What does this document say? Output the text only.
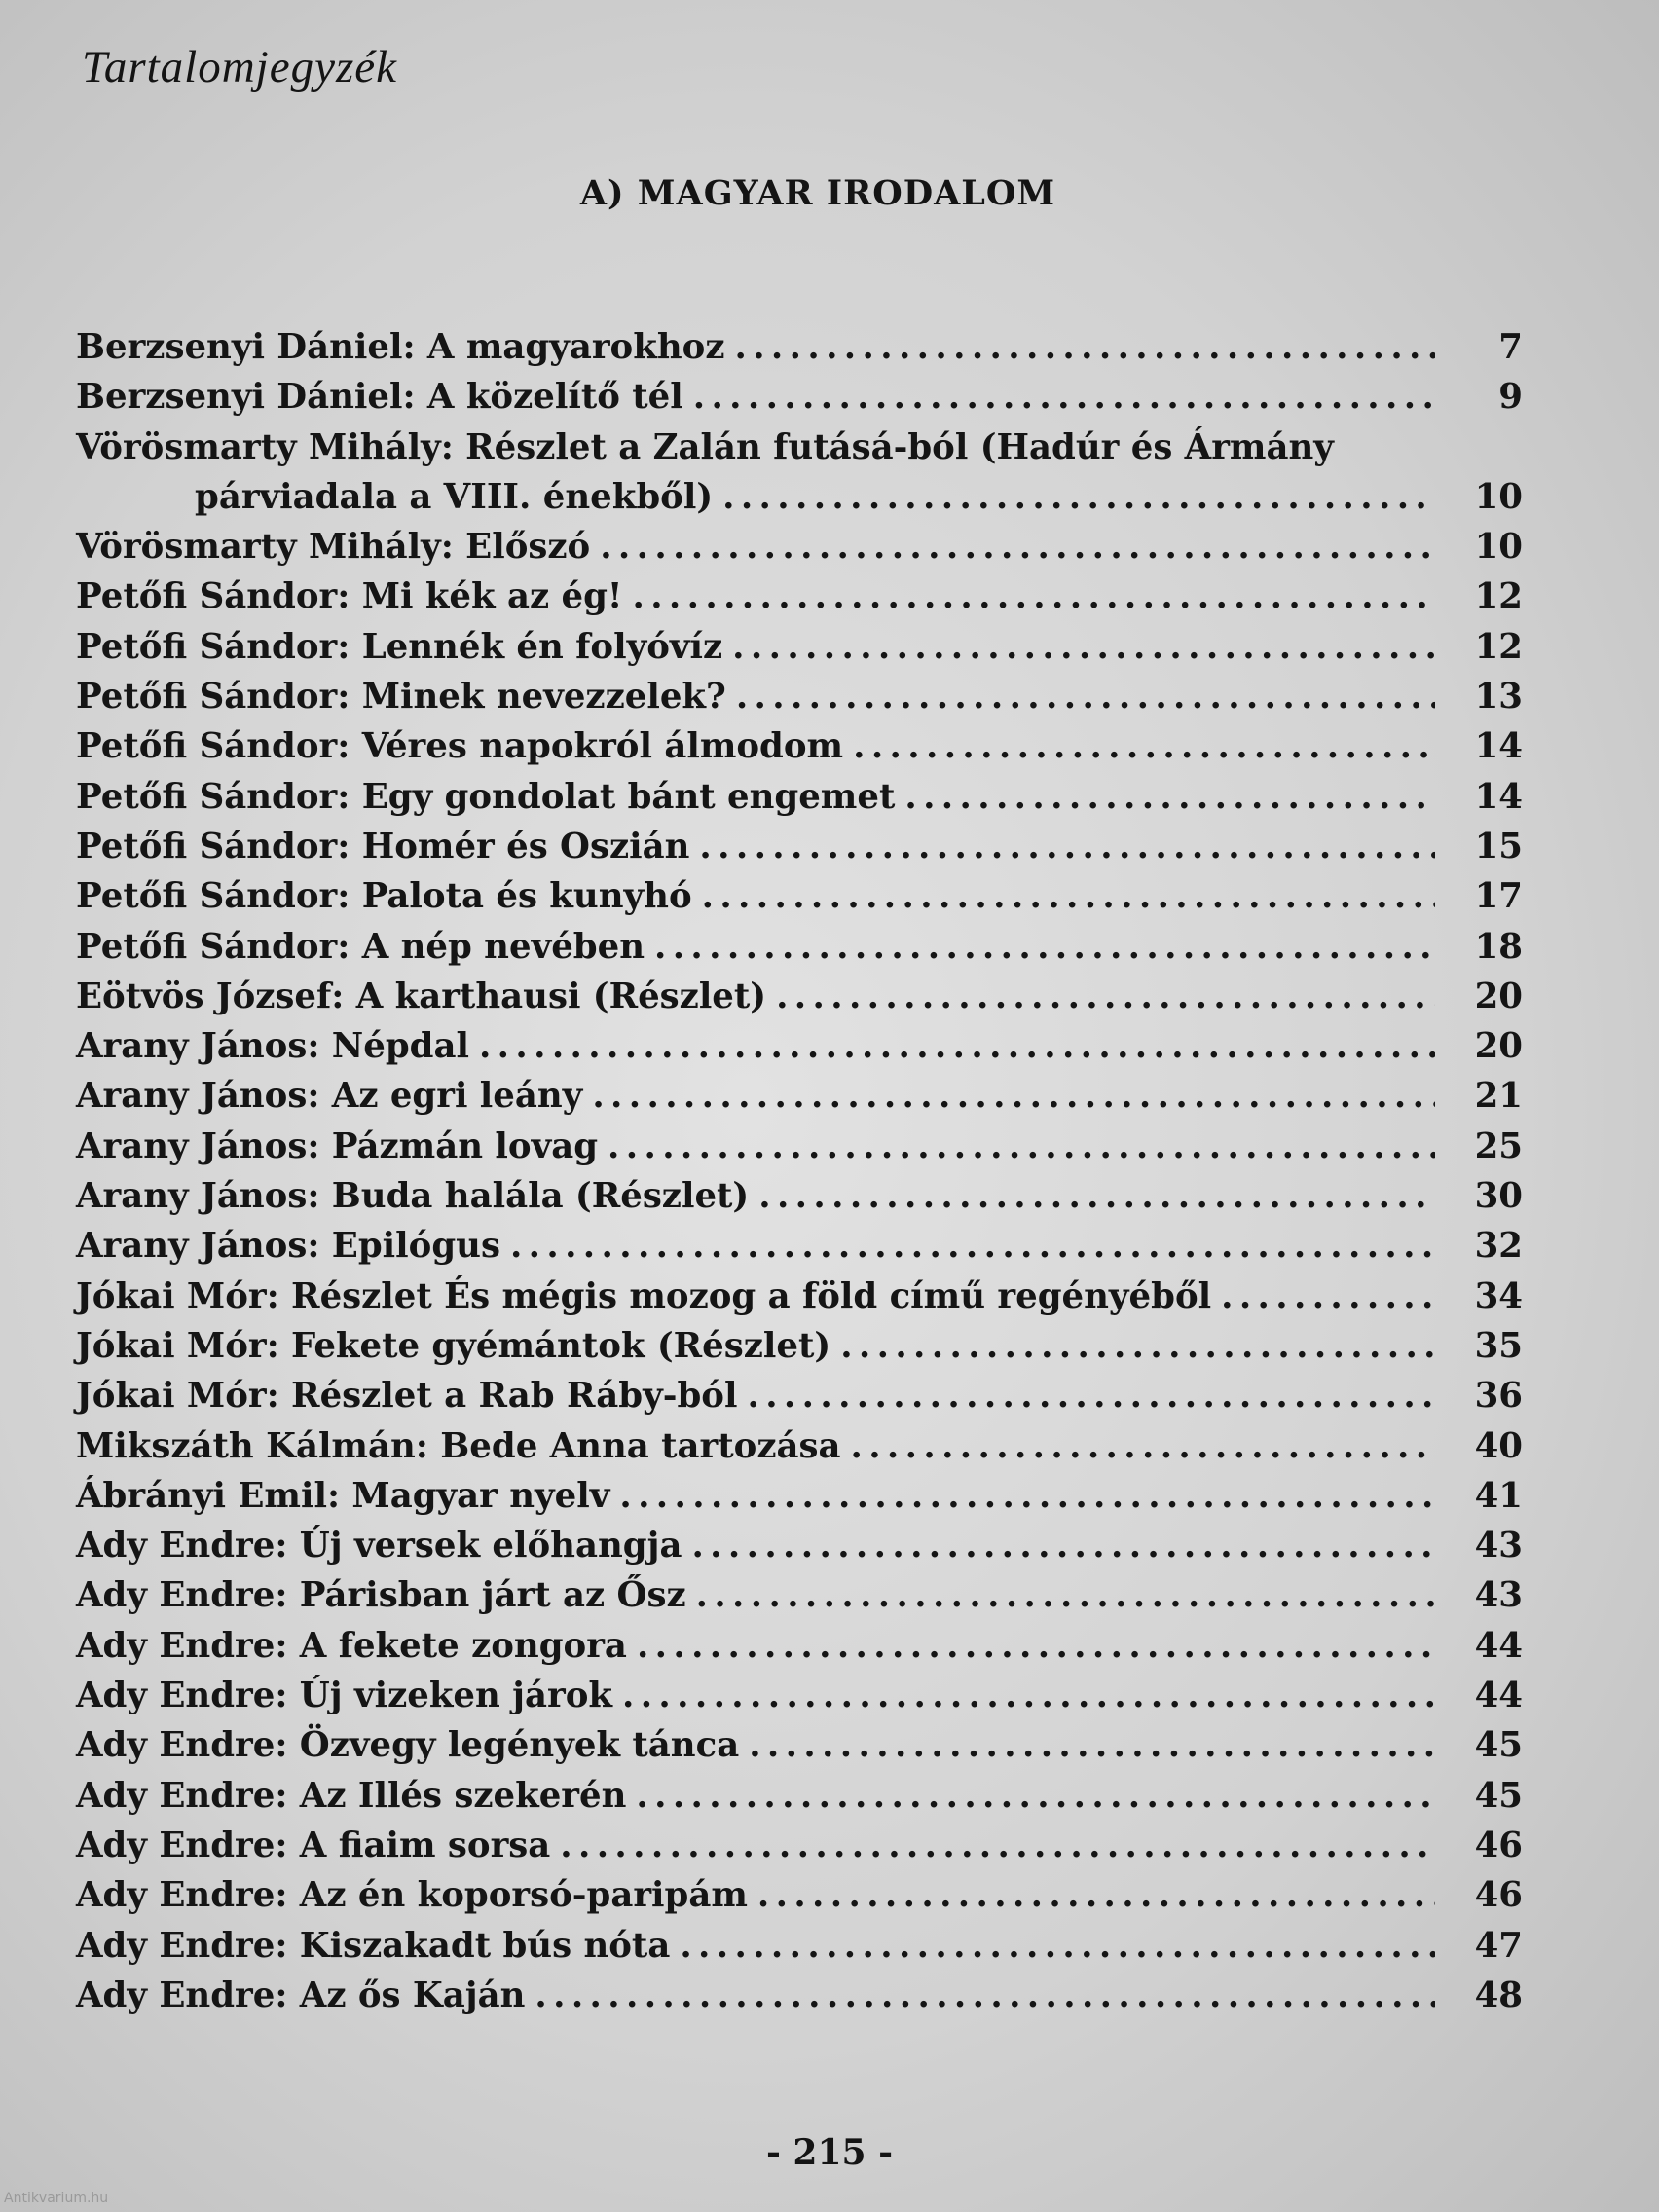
Tartalomjegyzék
A) MAGYAR IRODALOM
Berzsenyi Dániel: A magyarokhoz . . .	7
Berzsenyi Dániel: A közelítő tél . . .	9
Vörösmarty Mihály: Részlet a Zalán futásá-ból (Hadúr és Ármány
párviadala a VIII. énekből) . . .	10
Vörösmarty Mihály: Előszó . . .	10
Petőfi Sándor: Mi kék az ég! . . .	12
Petőfi Sándor: Lennék én folyóvíz . . .	12
Petőfi Sándor: Minek nevezzelek? . . .	13
Petőfi Sándor: Véres napokról álmodom . . .	14
Petőfi Sándor: Egy gondolat bánt engemet . . .	14
Petőfi Sándor: Homér és Oszián . . .	15
Petőfi Sándor: Palota és kunyhó . . .	17
Petőfi Sándor: A nép nevében . . .	18
Eötvös József: A karthausi (Részlet) . . .	20
Arany János: Népdal . . .	20
Arany János: Az egri leány . . .	21
Arany János: Pázmán lovag . . .	25
Arany János: Buda halála (Részlet) . . .	30
Arany János: Epilógus . . .	32
Jókai Mór: Részlet És mégis mozog a föld című regényéből . . .	34
Jókai Mór: Fekete gyémántok (Részlet) . . .	35
Jókai Mór: Részlet a Rab Ráby-ból . . .	36
Mikszáth Kálmán: Bede Anna tartozása . . .	40
Ábrányi Emil: Magyar nyelv . . .	41
Ady Endre: Új versek előhangja . . .	43
Ady Endre: Párisban járt az Ősz . . .	43
Ady Endre: A fekete zongora . . .	44
Ady Endre: Új vizeken járok . . .	44
Ady Endre: Özvegy legények tánca . . .	45
Ady Endre: Az Illés szekerén . . .	45
Ady Endre: A fiaim sorsa . . .	46
Ady Endre: Az én koporsó-paripám . . .	46
Ady Endre: Kiszakadt bús nóta . . .	47
Ady Endre: Az ős Kaján . . .	48
- 215 -
Antikvarium.hu
